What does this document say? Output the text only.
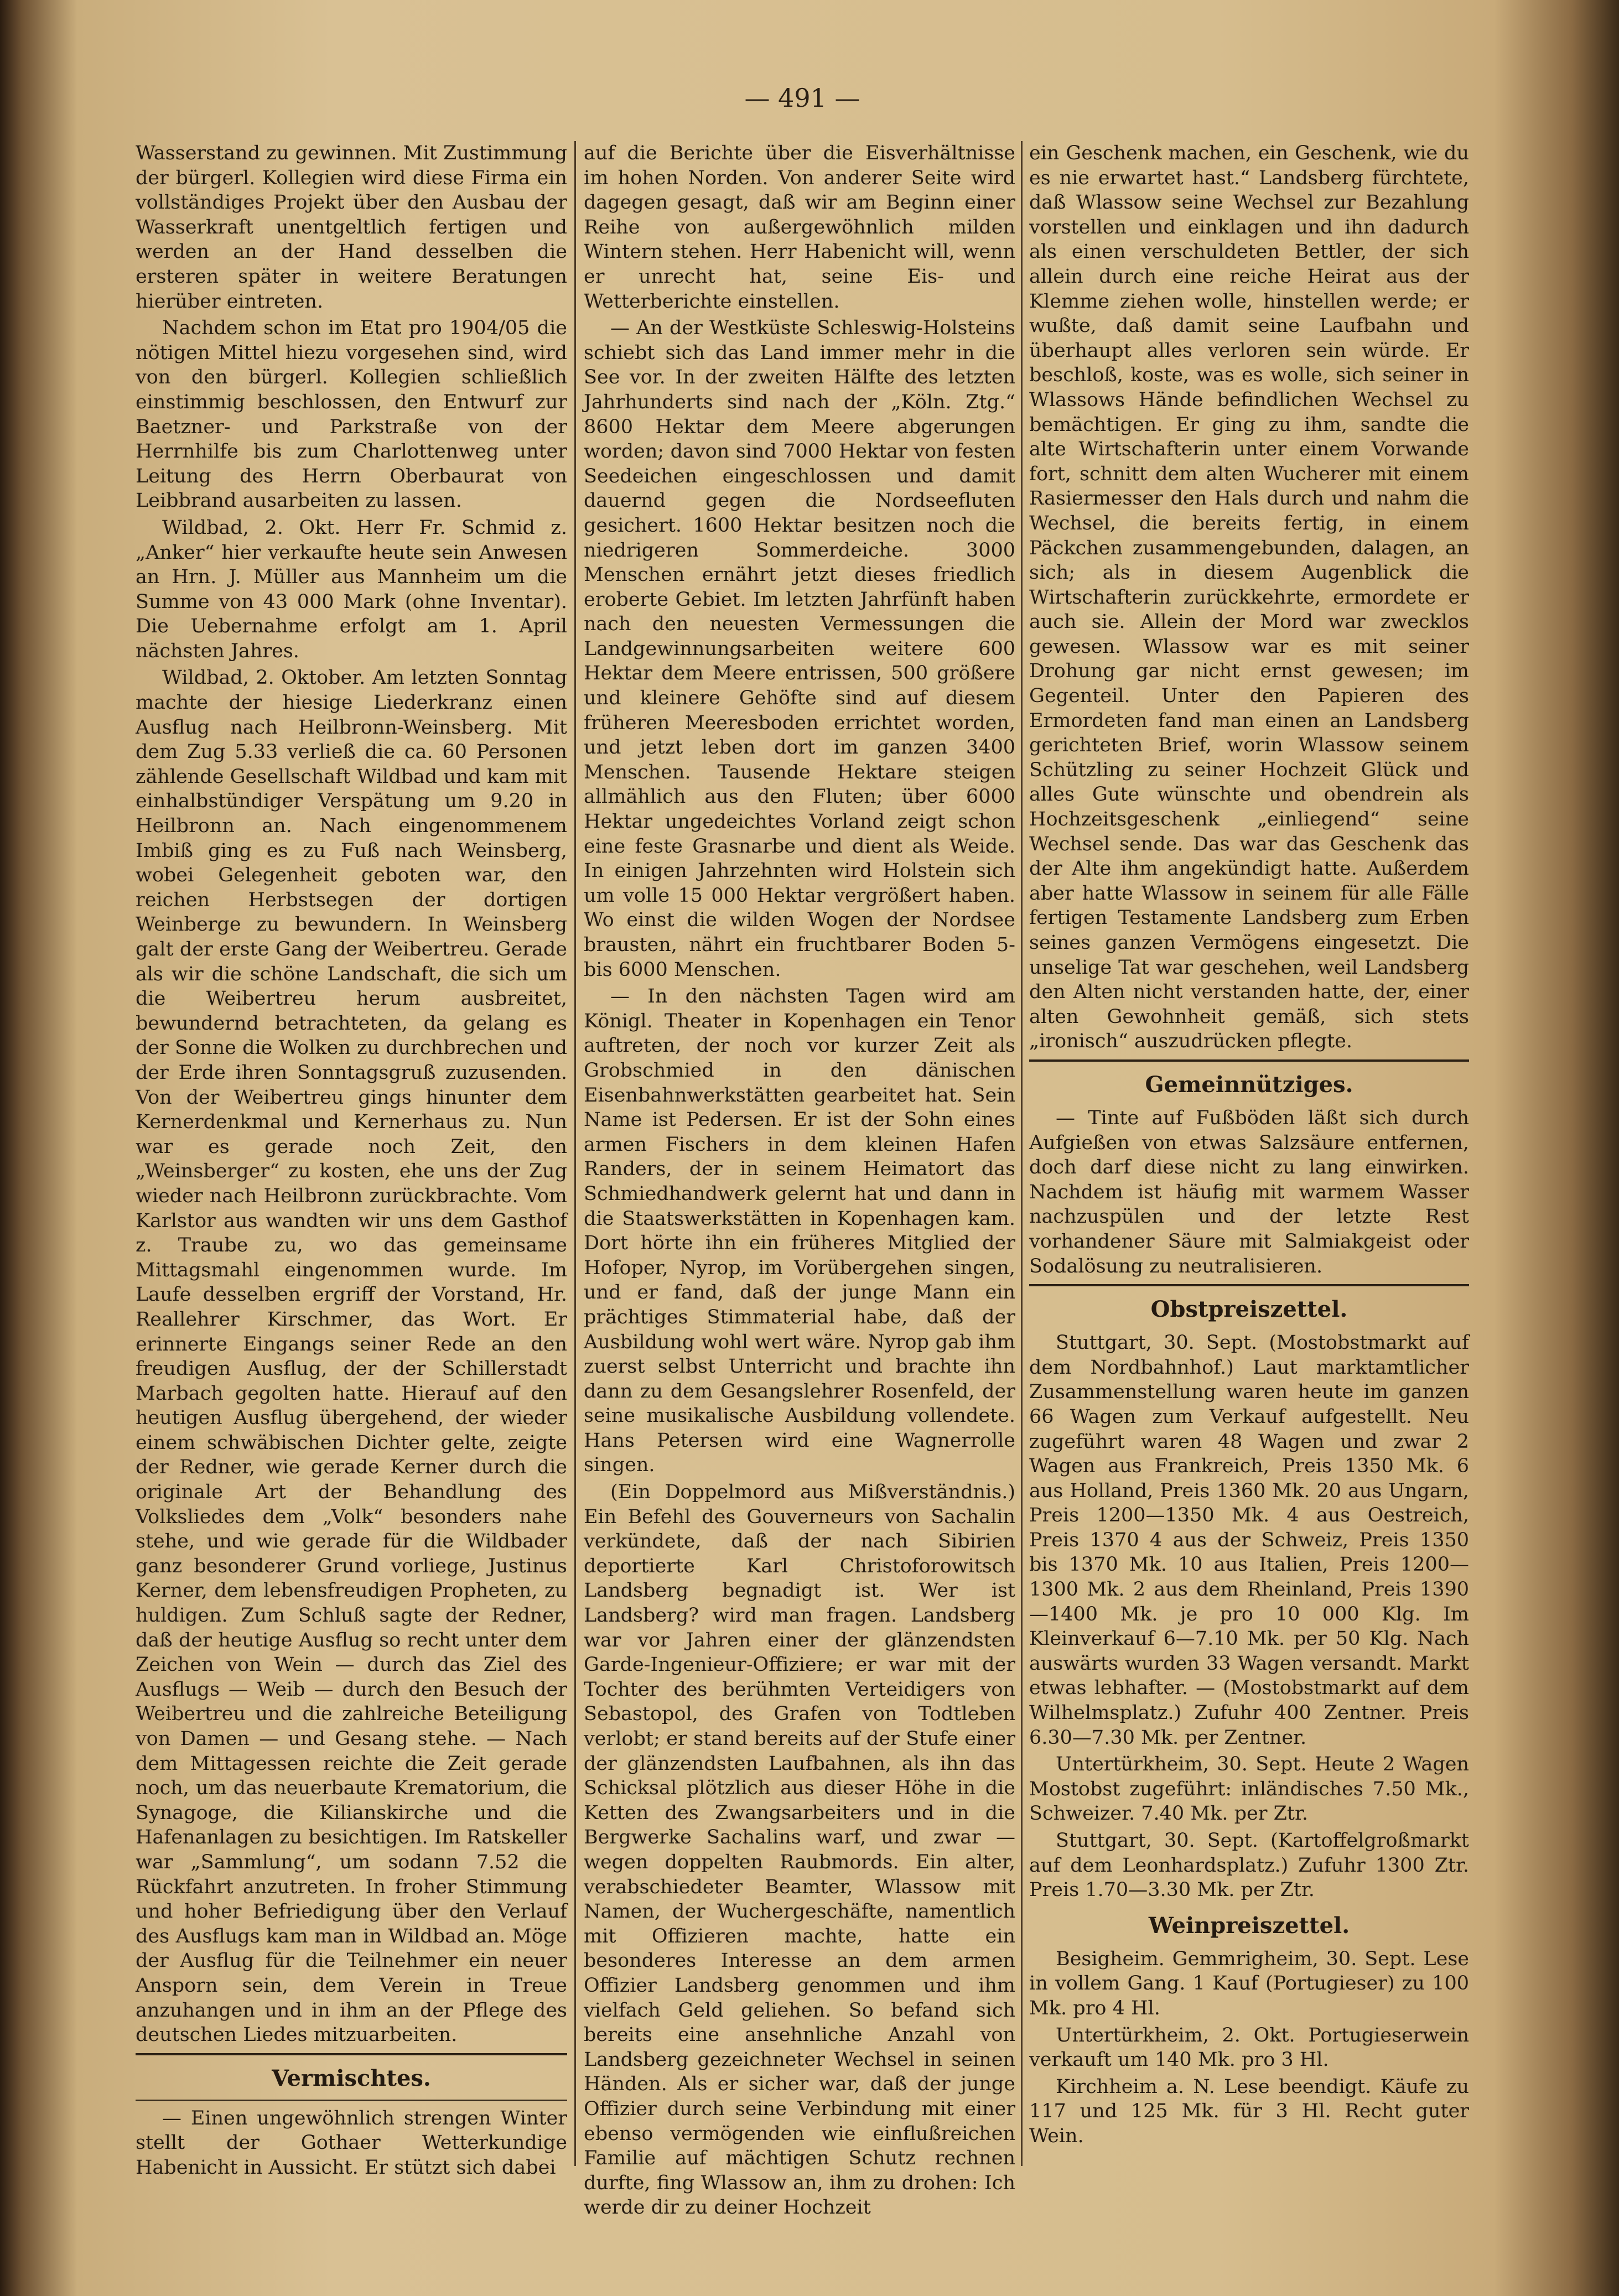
— 491 —

Wasserstand zu gewinnen. Mit Zustimmung der bürgerl. Kollegien wird diese Firma ein vollständiges Projekt über den Ausbau der Wasserkraft unentgeltlich fertigen und werden an der Hand desselben die ersteren später in weitere Beratungen hierüber eintreten.

Nachdem schon im Etat pro 1904/05 die nötigen Mittel hiezu vorgesehen sind, wird von den bürgerl. Kollegien schließlich einstimmig beschlossen, den Entwurf zur Baetzner- und Parkstraße von der Herrnhilfe bis zum Charlottenweg unter Leitung des Herrn Oberbaurat von Leibbrand ausarbeiten zu lassen.

Wildbad, 2. Okt. Herr Fr. Schmid z. „Anker“ hier verkaufte heute sein Anwesen an Hrn. J. Müller aus Mannheim um die Summe von 43 000 Mark (ohne Inventar). Die Uebernahme erfolgt am 1. April nächsten Jahres.

Wildbad, 2. Oktober. Am letzten Sonntag machte der hiesige Liederkranz einen Ausflug nach Heilbronn-Weinsberg. Mit dem Zug 5.33 verließ die ca. 60 Personen zählende Gesellschaft Wildbad und kam mit einhalbstündiger Verspätung um 9.20 in Heilbronn an. Nach eingenommenem Imbiß ging es zu Fuß nach Weinsberg, wobei Gelegenheit geboten war, den reichen Herbstsegen der dortigen Weinberge zu bewundern. In Weinsberg galt der erste Gang der Weibertreu. Gerade als wir die schöne Landschaft, die sich um die Weibertreu herum ausbreitet, bewundernd betrachteten, da gelang es der Sonne die Wolken zu durchbrechen und der Erde ihren Sonntagsgruß zuzusenden. Von der Weibertreu gings hinunter dem Kernerdenkmal und Kernerhaus zu. Nun war es gerade noch Zeit, den „Weinsberger“ zu kosten, ehe uns der Zug wieder nach Heilbronn zurückbrachte. Vom Karlstor aus wandten wir uns dem Gasthof z. Traube zu, wo das gemeinsame Mittagsmahl eingenommen wurde. Im Laufe desselben ergriff der Vorstand, Hr. Reallehrer Kirschmer, das Wort. Er erinnerte Eingangs seiner Rede an den freudigen Ausflug, der der Schillerstadt Marbach gegolten hatte. Hierauf auf den heutigen Ausflug übergehend, der wieder einem schwäbischen Dichter gelte, zeigte der Redner, wie gerade Kerner durch die originale Art der Behandlung des Volksliedes dem „Volk“ besonders nahe stehe, und wie gerade für die Wildbader ganz besonderer Grund vorliege, Justinus Kerner, dem lebensfreudigen Propheten, zu huldigen. Zum Schluß sagte der Redner, daß der heutige Ausflug so recht unter dem Zeichen von Wein — durch das Ziel des Ausflugs — Weib — durch den Besuch der Weibertreu und die zahlreiche Beteiligung von Damen — und Gesang stehe. — Nach dem Mittagessen reichte die Zeit gerade noch, um das neuerbaute Krematorium, die Synagoge, die Kilianskirche und die Hafenanlagen zu besichtigen. Im Ratskeller war „Sammlung“, um sodann 7.52 die Rückfahrt anzutreten. In froher Stimmung und hoher Befriedigung über den Verlauf des Ausflugs kam man in Wildbad an. Möge der Ausflug für die Teilnehmer ein neuer Ansporn sein, dem Verein in Treue anzuhangen und in ihm an der Pflege des deutschen Liedes mitzuarbeiten.

Vermischtes.

— Einen ungewöhnlich strengen Winter stellt der Gothaer Wetterkundige Habenicht in Aussicht. Er stützt sich dabei

auf die Berichte über die Eisverhältnisse im hohen Norden. Von anderer Seite wird dagegen gesagt, daß wir am Beginn einer Reihe von außergewöhnlich milden Wintern stehen. Herr Habenicht will, wenn er unrecht hat, seine Eis- und Wetterberichte einstellen.

— An der Westküste Schleswig-Holsteins schiebt sich das Land immer mehr in die See vor. In der zweiten Hälfte des letzten Jahrhunderts sind nach der „Köln. Ztg.“ 8600 Hektar dem Meere abgerungen worden; davon sind 7000 Hektar von festen Seedeichen eingeschlossen und damit dauernd gegen die Nordseefluten gesichert. 1600 Hektar besitzen noch die niedrigeren Sommerdeiche. 3000 Menschen ernährt jetzt dieses friedlich eroberte Gebiet. Im letzten Jahrfünft haben nach den neuesten Vermessungen die Landgewinnungsarbeiten weitere 600 Hektar dem Meere entrissen, 500 größere und kleinere Gehöfte sind auf diesem früheren Meeresboden errichtet worden, und jetzt leben dort im ganzen 3400 Menschen. Tausende Hektare steigen allmählich aus den Fluten; über 6000 Hektar ungedeichtes Vorland zeigt schon eine feste Grasnarbe und dient als Weide. In einigen Jahrzehnten wird Holstein sich um volle 15 000 Hektar vergrößert haben. Wo einst die wilden Wogen der Nordsee brausten, nährt ein fruchtbarer Boden 5- bis 6000 Menschen.

— In den nächsten Tagen wird am Königl. Theater in Kopenhagen ein Tenor auftreten, der noch vor kurzer Zeit als Grobschmied in den dänischen Eisenbahnwerkstätten gearbeitet hat. Sein Name ist Pedersen. Er ist der Sohn eines armen Fischers in dem kleinen Hafen Randers, der in seinem Heimatort das Schmiedhandwerk gelernt hat und dann in die Staatswerkstätten in Kopenhagen kam. Dort hörte ihn ein früheres Mitglied der Hofoper, Nyrop, im Vorübergehen singen, und er fand, daß der junge Mann ein prächtiges Stimmaterial habe, daß der Ausbildung wohl wert wäre. Nyrop gab ihm zuerst selbst Unterricht und brachte ihn dann zu dem Gesangslehrer Rosenfeld, der seine musikalische Ausbildung vollendete. Hans Petersen wird eine Wagnerrolle singen.

(Ein Doppelmord aus Mißverständnis.) Ein Befehl des Gouverneurs von Sachalin verkündete, daß der nach Sibirien deportierte Karl Christoforowitsch Landsberg begnadigt ist. Wer ist Landsberg? wird man fragen. Landsberg war vor Jahren einer der glänzendsten Garde-Ingenieur-Offiziere; er war mit der Tochter des berühmten Verteidigers von Sebastopol, des Grafen von Todtleben verlobt; er stand bereits auf der Stufe einer der glänzendsten Laufbahnen, als ihn das Schicksal plötzlich aus dieser Höhe in die Ketten des Zwangsarbeiters und in die Bergwerke Sachalins warf, und zwar — wegen doppelten Raubmords. Ein alter, verabschiedeter Beamter, Wlassow mit Namen, der Wuchergeschäfte, namentlich mit Offizieren machte, hatte ein besonderes Interesse an dem armen Offizier Landsberg genommen und ihm vielfach Geld geliehen. So befand sich bereits eine ansehnliche Anzahl von Landsberg gezeichneter Wechsel in seinen Händen. Als er sicher war, daß der junge Offizier durch seine Verbindung mit einer ebenso vermögenden wie einflußreichen Familie auf mächtigen Schutz rechnen durfte, fing Wlassow an, ihm zu drohen: Ich werde dir zu deiner Hochzeit

ein Geschenk machen, ein Geschenk, wie du es nie erwartet hast.“ Landsberg fürchtete, daß Wlassow seine Wechsel zur Bezahlung vorstellen und einklagen und ihn dadurch als einen verschuldeten Bettler, der sich allein durch eine reiche Heirat aus der Klemme ziehen wolle, hinstellen werde; er wußte, daß damit seine Laufbahn und überhaupt alles verloren sein würde. Er beschloß, koste, was es wolle, sich seiner in Wlassows Hände befindlichen Wechsel zu bemächtigen. Er ging zu ihm, sandte die alte Wirtschafterin unter einem Vorwande fort, schnitt dem alten Wucherer mit einem Rasiermesser den Hals durch und nahm die Wechsel, die bereits fertig, in einem Päckchen zusammengebunden, dalagen, an sich; als in diesem Augenblick die Wirtschafterin zurückkehrte, ermordete er auch sie. Allein der Mord war zwecklos gewesen. Wlassow war es mit seiner Drohung gar nicht ernst gewesen; im Gegenteil. Unter den Papieren des Ermordeten fand man einen an Landsberg gerichteten Brief, worin Wlassow seinem Schützling zu seiner Hochzeit Glück und alles Gute wünschte und obendrein als Hochzeitsgeschenk „einliegend“ seine Wechsel sende. Das war das Geschenk das der Alte ihm angekündigt hatte. Außerdem aber hatte Wlassow in seinem für alle Fälle fertigen Testamente Landsberg zum Erben seines ganzen Vermögens eingesetzt. Die unselige Tat war geschehen, weil Landsberg den Alten nicht verstanden hatte, der, einer alten Gewohnheit gemäß, sich stets „ironisch“ auszudrücken pflegte.

Gemeinnütziges.

— Tinte auf Fußböden läßt sich durch Aufgießen von etwas Salzsäure entfernen, doch darf diese nicht zu lang einwirken. Nachdem ist häufig mit warmem Wasser nachzuspülen und der letzte Rest vorhandener Säure mit Salmiakgeist oder Sodalösung zu neutralisieren.

Obstpreiszettel.

Stuttgart, 30. Sept. (Mostobstmarkt auf dem Nordbahnhof.) Laut marktamtlicher Zusammenstellung waren heute im ganzen 66 Wagen zum Verkauf aufgestellt. Neu zugeführt waren 48 Wagen und zwar 2 Wagen aus Frankreich, Preis 1350 Mk. 6 aus Holland, Preis 1360 Mk. 20 aus Ungarn, Preis 1200—1350 Mk. 4 aus Oestreich, Preis 1370 4 aus der Schweiz, Preis 1350 bis 1370 Mk. 10 aus Italien, Preis 1200—1300 Mk. 2 aus dem Rheinland, Preis 1390—1400 Mk. je pro 10 000 Klg. Im Kleinverkauf 6—7.10 Mk. per 50 Klg. Nach auswärts wurden 33 Wagen versandt. Markt etwas lebhafter. — (Mostobstmarkt auf dem Wilhelmsplatz.) Zufuhr 400 Zentner. Preis 6.30—7.30 Mk. per Zentner.

Untertürkheim, 30. Sept. Heute 2 Wagen Mostobst zugeführt: inländisches 7.50 Mk., Schweizer. 7.40 Mk. per Ztr.

Stuttgart, 30. Sept. (Kartoffelgroßmarkt auf dem Leonhardsplatz.) Zufuhr 1300 Ztr. Preis 1.70—3.30 Mk. per Ztr.

Weinpreiszettel.

Besigheim. Gemmrigheim, 30. Sept. Lese in vollem Gang. 1 Kauf (Portugieser) zu 100 Mk. pro 4 Hl.

Untertürkheim, 2. Okt. Portugieserwein verkauft um 140 Mk. pro 3 Hl.

Kirchheim a. N. Lese beendigt. Käufe zu 117 und 125 Mk. für 3 Hl. Recht guter Wein.
